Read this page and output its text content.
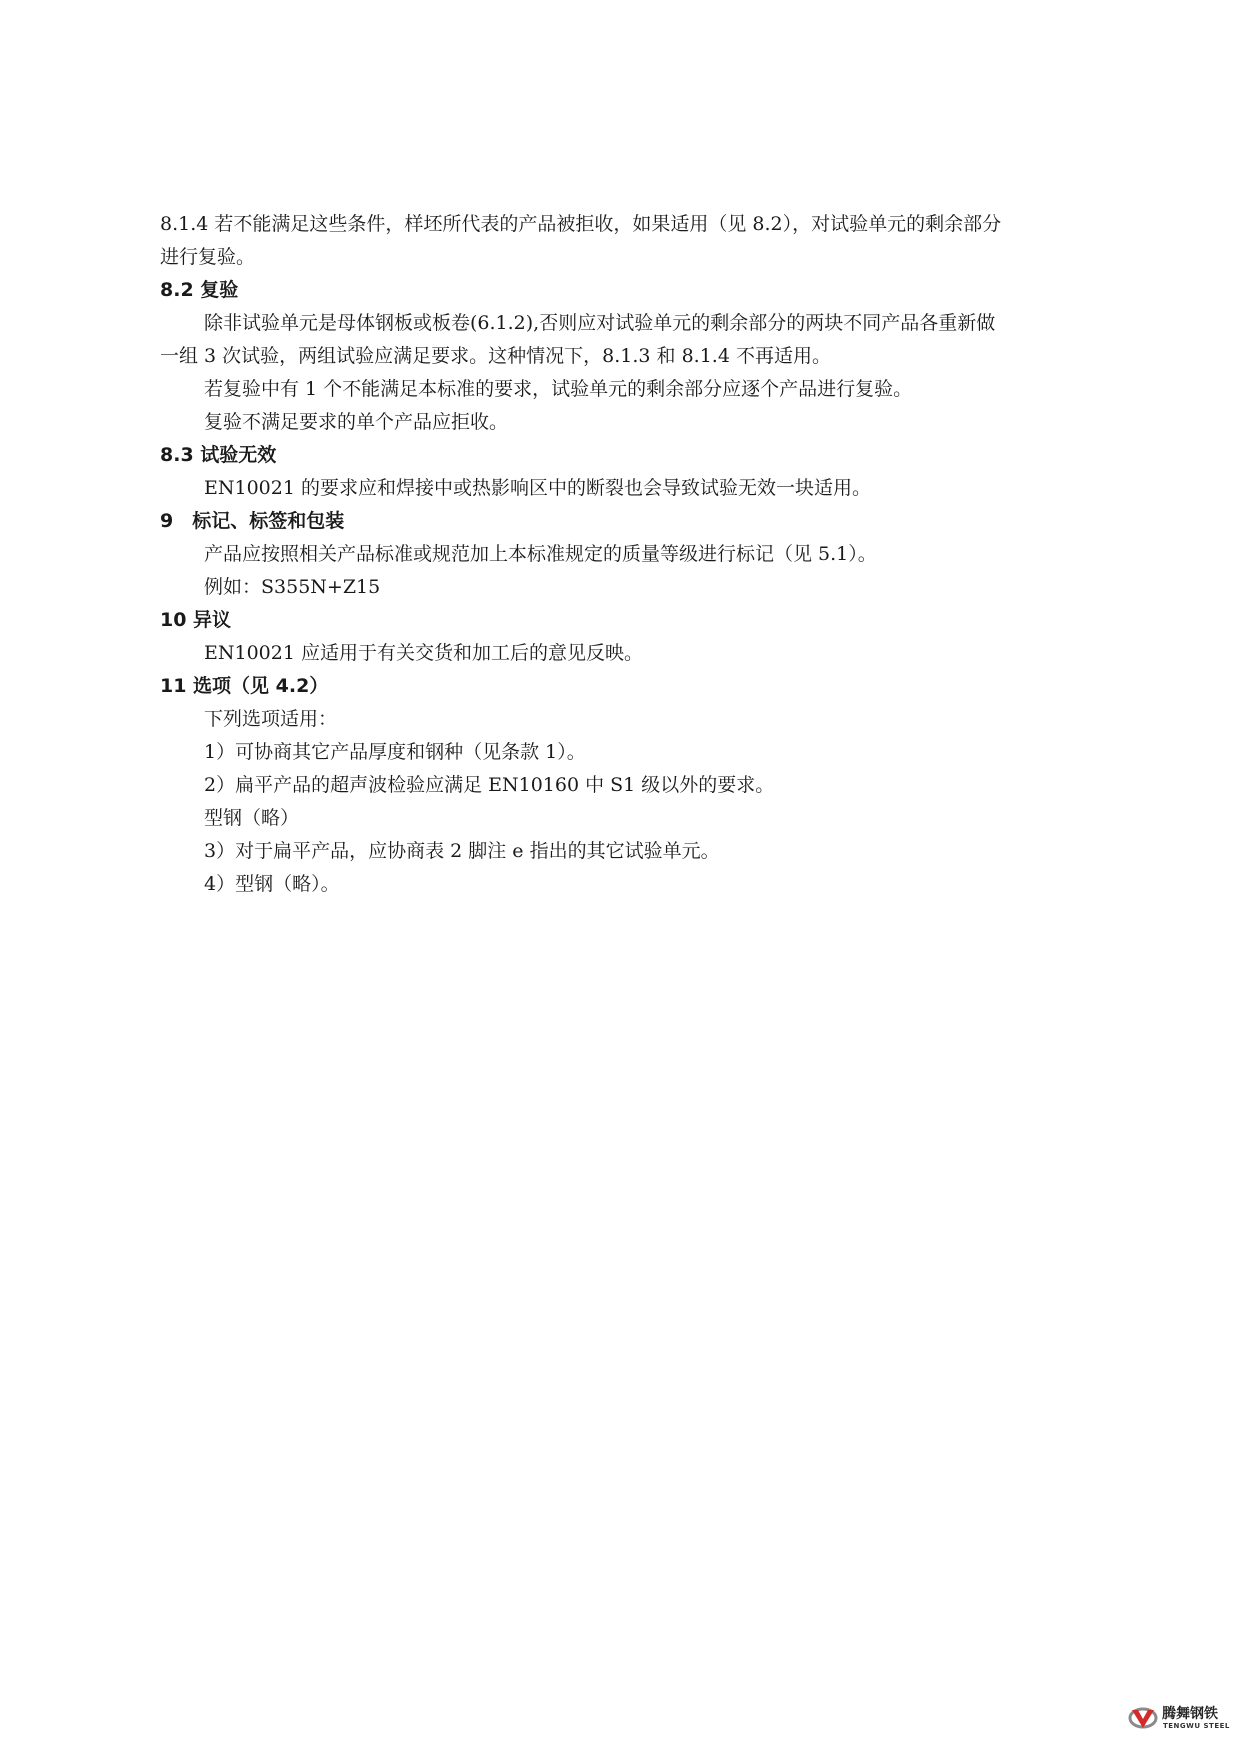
8.1.4 若不能满足这些条件，样坯所代表的产品被拒收，如果适用（见 8.2），对试验单元的剩余部分
进行复验。
8.2 复验
除非试验单元是母体钢板或板卷(6.1.2),否则应对试验单元的剩余部分的两块不同产品各重新做
一组 3 次试验，两组试验应满足要求。这种情况下，8.1.3 和 8.1.4 不再适用。
若复验中有 1 个不能满足本标准的要求，试验单元的剩余部分应逐个产品进行复验。
复验不满足要求的单个产品应拒收。
8.3 试验无效
EN10021 的要求应和焊接中或热影响区中的断裂也会导致试验无效一块适用。
9　标记、标签和包装
产品应按照相关产品标准或规范加上本标准规定的质量等级进行标记（见 5.1）。
例如：S355N+Z15
10 异议
EN10021 应适用于有关交货和加工后的意见反映。
11 选项（见 4.2）
下列选项适用：
1）可协商其它产品厚度和钢种（见条款 1）。
2）扁平产品的超声波检验应满足 EN10160 中 S1 级以外的要求。
型钢（略）
3）对于扁平产品，应协商表 2 脚注 e 指出的其它试验单元。
4）型钢（略）。
腾舞钢铁
TENGWU STEEL
